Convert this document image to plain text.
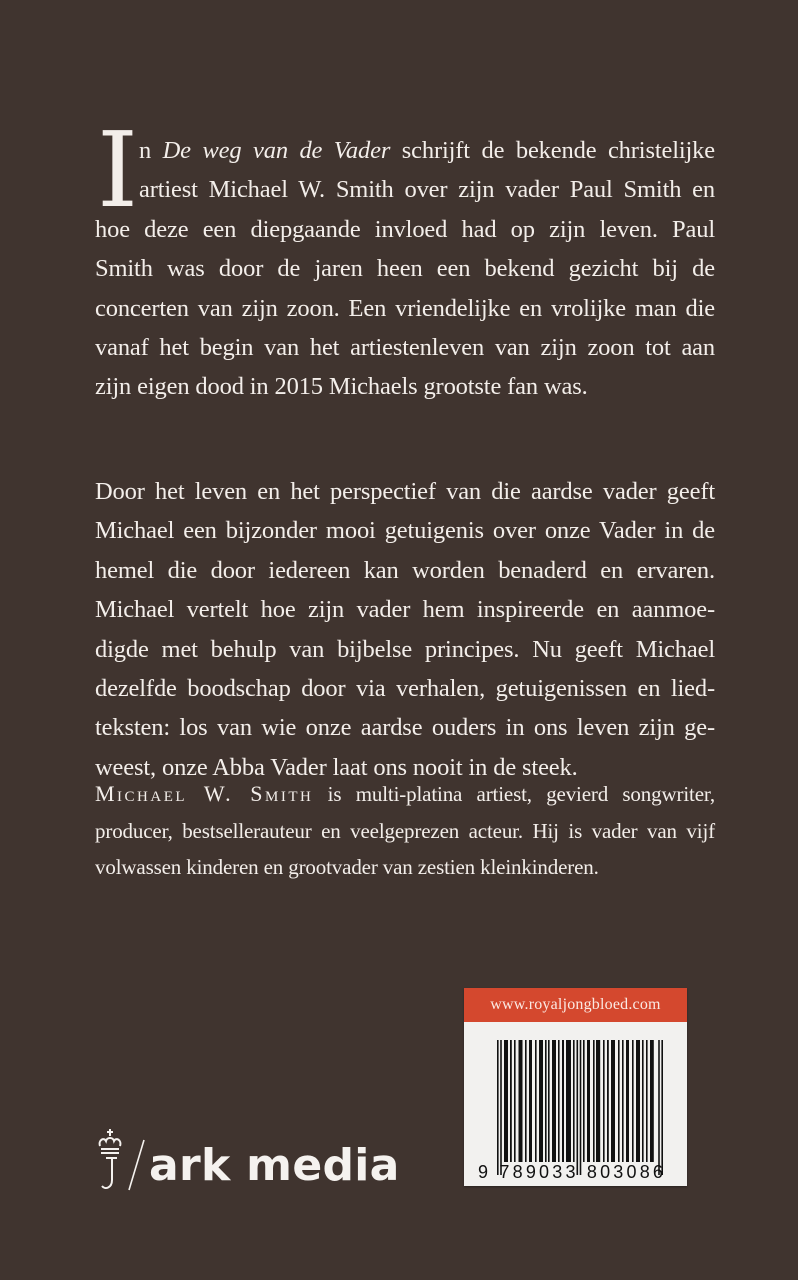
I n De weg van de Vader schrijft de bekende christelijke
artiest Michael W. Smith over zijn vader Paul Smith en
hoe deze een diepgaande invloed had op zijn leven. Paul
Smith was door de jaren heen een bekend gezicht bij de
concerten van zijn zoon. Een vriendelijke en vrolijke man die
vanaf het begin van het artiestenleven van zijn zoon tot aan
zijn eigen dood in 2015 Michaels grootste fan was.
Door het leven en het perspectief van die aardse vader geeft
Michael een bijzonder mooi getuigenis over onze Vader in de
hemel die door iedereen kan worden benaderd en ervaren.
Michael vertelt hoe zijn vader hem inspireerde en aanmoe-
digde met behulp van bijbelse principes. Nu geeft Michael
dezelfde boodschap door via verhalen, getuigenissen en lied-
teksten: los van wie onze aardse ouders in ons leven zijn ge-
weest, onze Abba Vader laat ons nooit in de steek.
Michael W. Smith is multi-platina artiest, gevierd songwriter,
producer, bestsellerauteur en veelgeprezen acteur. Hij is vader van vijf
volwassen kinderen en grootvader van zestien kleinkinderen.
www.royaljongbloed.com
9 789033 803086
ark media
